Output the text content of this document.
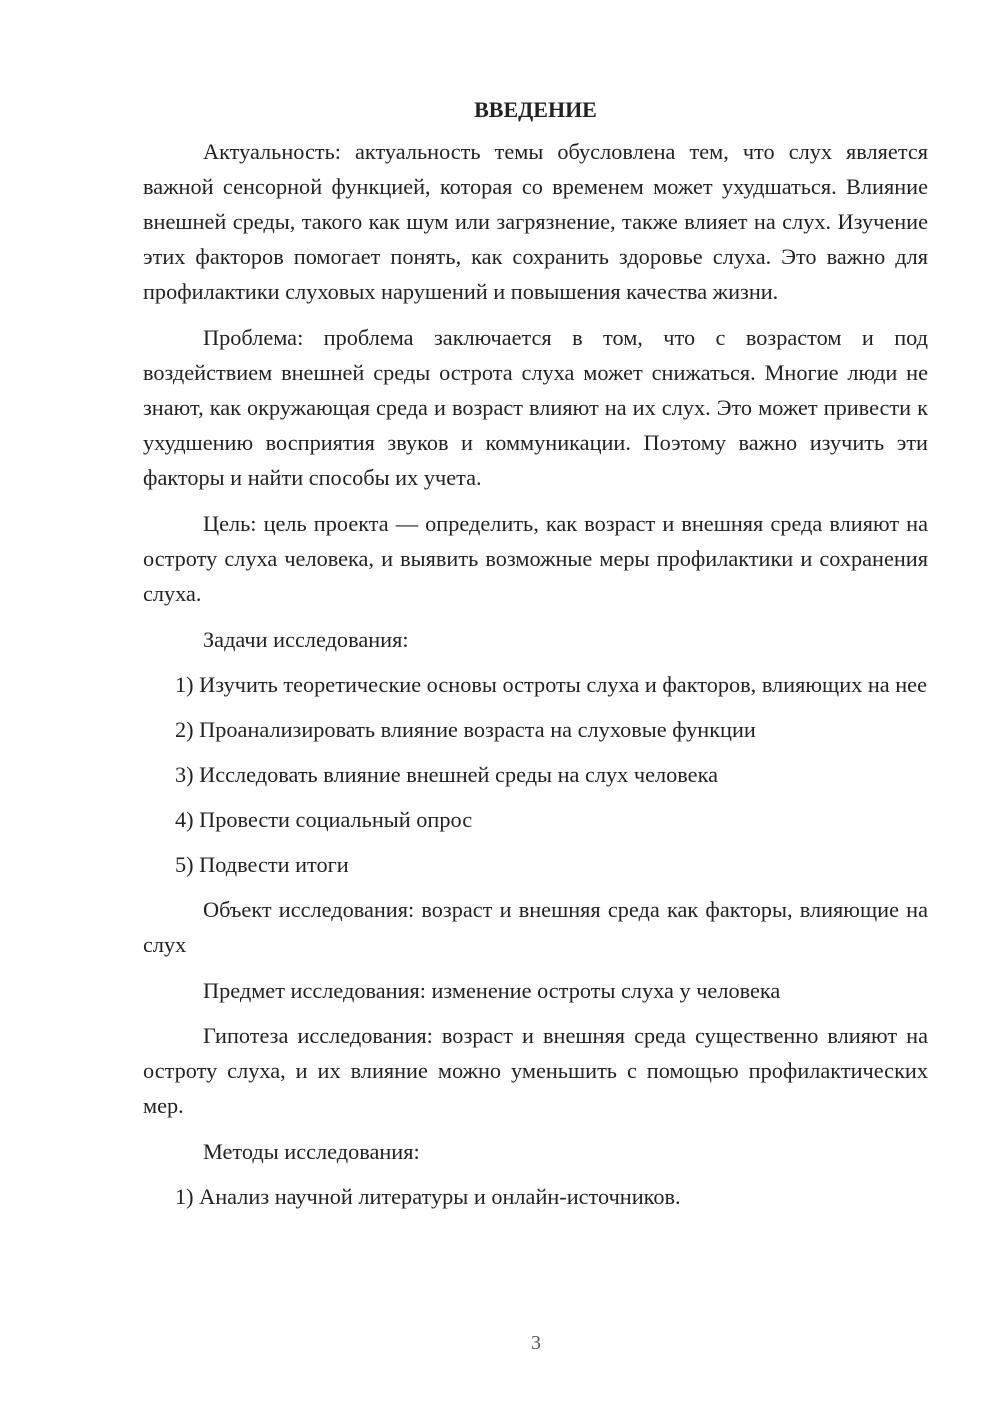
ВВЕДЕНИЕ

Актуальность: актуальность темы обусловлена тем, что слух является важной сенсорной функцией, которая со временем может ухудшаться. Влияние внешней среды, такого как шум или загрязнение, также влияет на слух. Изучение этих факторов помогает понять, как сохранить здоровье слуха. Это важно для профилактики слуховых нарушений и повышения качества жизни.

Проблема: проблема заключается в том, что с возрастом и под воздействием внешней среды острота слуха может снижаться. Многие люди не знают, как окружающая среда и возраст влияют на их слух. Это может привести к ухудшению восприятия звуков и коммуникации. Поэтому важно изучить эти факторы и найти способы их учета.

Цель: цель проекта — определить, как возраст и внешняя среда влияют на остроту слуха человека, и выявить возможные меры профилактики и сохранения слуха.

Задачи исследования:

1) Изучить теоретические основы остроты слуха и факторов, влияющих на нее

2) Проанализировать влияние возраста на слуховые функции

3) Исследовать влияние внешней среды на слух человека

4) Провести социальный опрос

5) Подвести итоги

Объект исследования: возраст и внешняя среда как факторы, влияющие на слух

Предмет исследования: изменение остроты слуха у человека

Гипотеза исследования: возраст и внешняя среда существенно влияют на остроту слуха, и их влияние можно уменьшить с помощью профилактических мер.

Методы исследования:

1) Анализ научной литературы и онлайн-источников.

3
